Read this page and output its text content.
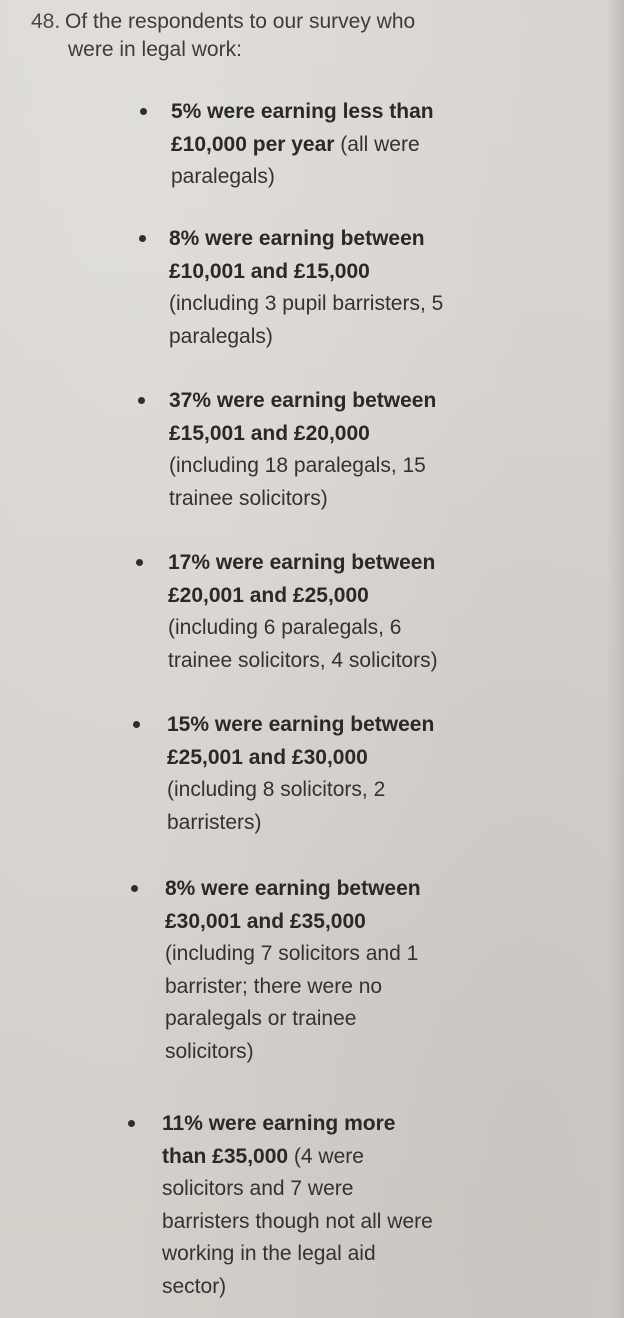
48. Of the respondents to our survey who
were in legal work:
5% were earning less than
£10,000 per year (all were
paralegals)
8% were earning between
£10,001 and £15,000
(including 3 pupil barristers, 5
paralegals)
37% were earning between
£15,001 and £20,000
(including 18 paralegals, 15
trainee solicitors)
17% were earning between
£20,001 and £25,000
(including 6 paralegals, 6
trainee solicitors, 4 solicitors)
15% were earning between
£25,001 and £30,000
(including 8 solicitors, 2
barristers)
8% were earning between
£30,001 and £35,000
(including 7 solicitors and 1
barrister; there were no
paralegals or trainee
solicitors)
11% were earning more
than £35,000 (4 were
solicitors and 7 were
barristers though not all were
working in the legal aid
sector)
